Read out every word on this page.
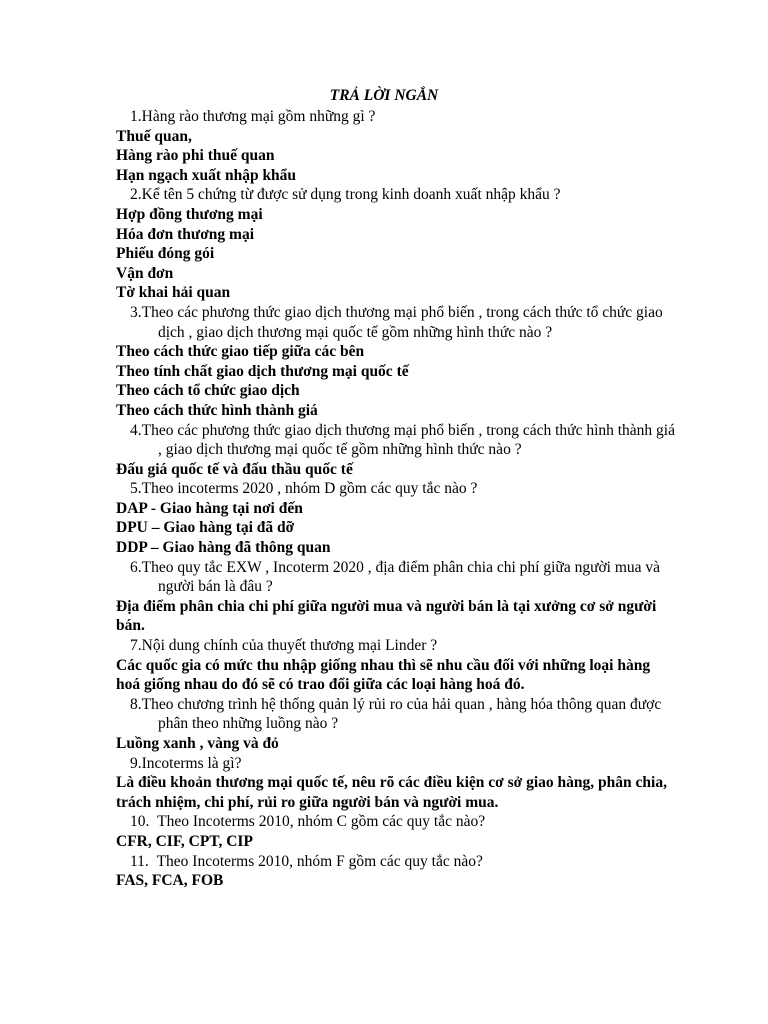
TRẢ LỜI NGẮN
1.Hàng rào thương mại gồm những gì ?
Thuế quan,
Hàng rào phi thuế quan
Hạn ngạch xuất nhập khẩu
2.Kể tên 5 chứng từ được sử dụng trong kinh doanh xuất nhập khẩu ?
Hợp đồng thương mại
Hóa đơn thương mại
Phiếu đóng gói
Vận đơn
Tờ khai hải quan
3.Theo các phương thức giao dịch thương mại phổ biến , trong cách thức tổ chức giao dịch , giao dịch thương mại quốc tế gồm những hình thức nào ?
Theo cách thức giao tiếp giữa các bên
Theo tính chất giao dịch thương mại quốc tế
Theo cách tổ chức giao dịch
Theo cách thức hình thành giá
4.Theo các phương thức giao dịch thương mại phổ biến , trong cách thức hình thành giá , giao dịch thương mại quốc tế gồm những hình thức nào ?
Đấu giá quốc tế và đấu thầu quốc tế
5.Theo incoterms 2020 , nhóm D gồm các quy tắc nào ?
DAP - Giao hàng tại nơi đến
DPU – Giao hàng tại đã dỡ
DDP – Giao hàng đã thông quan
6.Theo quy tắc EXW , Incoterm 2020 , địa điểm phân chia chi phí giữa người mua và người bán là đâu ?
Địa điểm phân chia chi phí giữa người mua và người bán là tại xưởng cơ sở người bán.
7.Nội dung chính của thuyết thương mại Linder ?
Các quốc gia có mức thu nhập giống nhau thì sẽ nhu cầu đối với những loại hàng hoá giống nhau do đó sẽ có trao đổi giữa các loại hàng hoá đó.
8.Theo chương trình hệ thống quản lý rủi ro của hải quan , hàng hóa thông quan được phân theo những luồng nào ?
Luồng xanh , vàng và đỏ
9.Incoterms là gì?
Là điều khoản thương mại quốc tế, nêu rõ các điều kiện cơ sở giao hàng, phân chia, trách nhiệm, chi phí, rủi ro giữa người bán và người mua.
10. Theo Incoterms 2010, nhóm C gồm các quy tắc nào?
CFR, CIF, CPT, CIP
11. Theo Incoterms 2010, nhóm F gồm các quy tắc nào?
FAS, FCA, FOB
